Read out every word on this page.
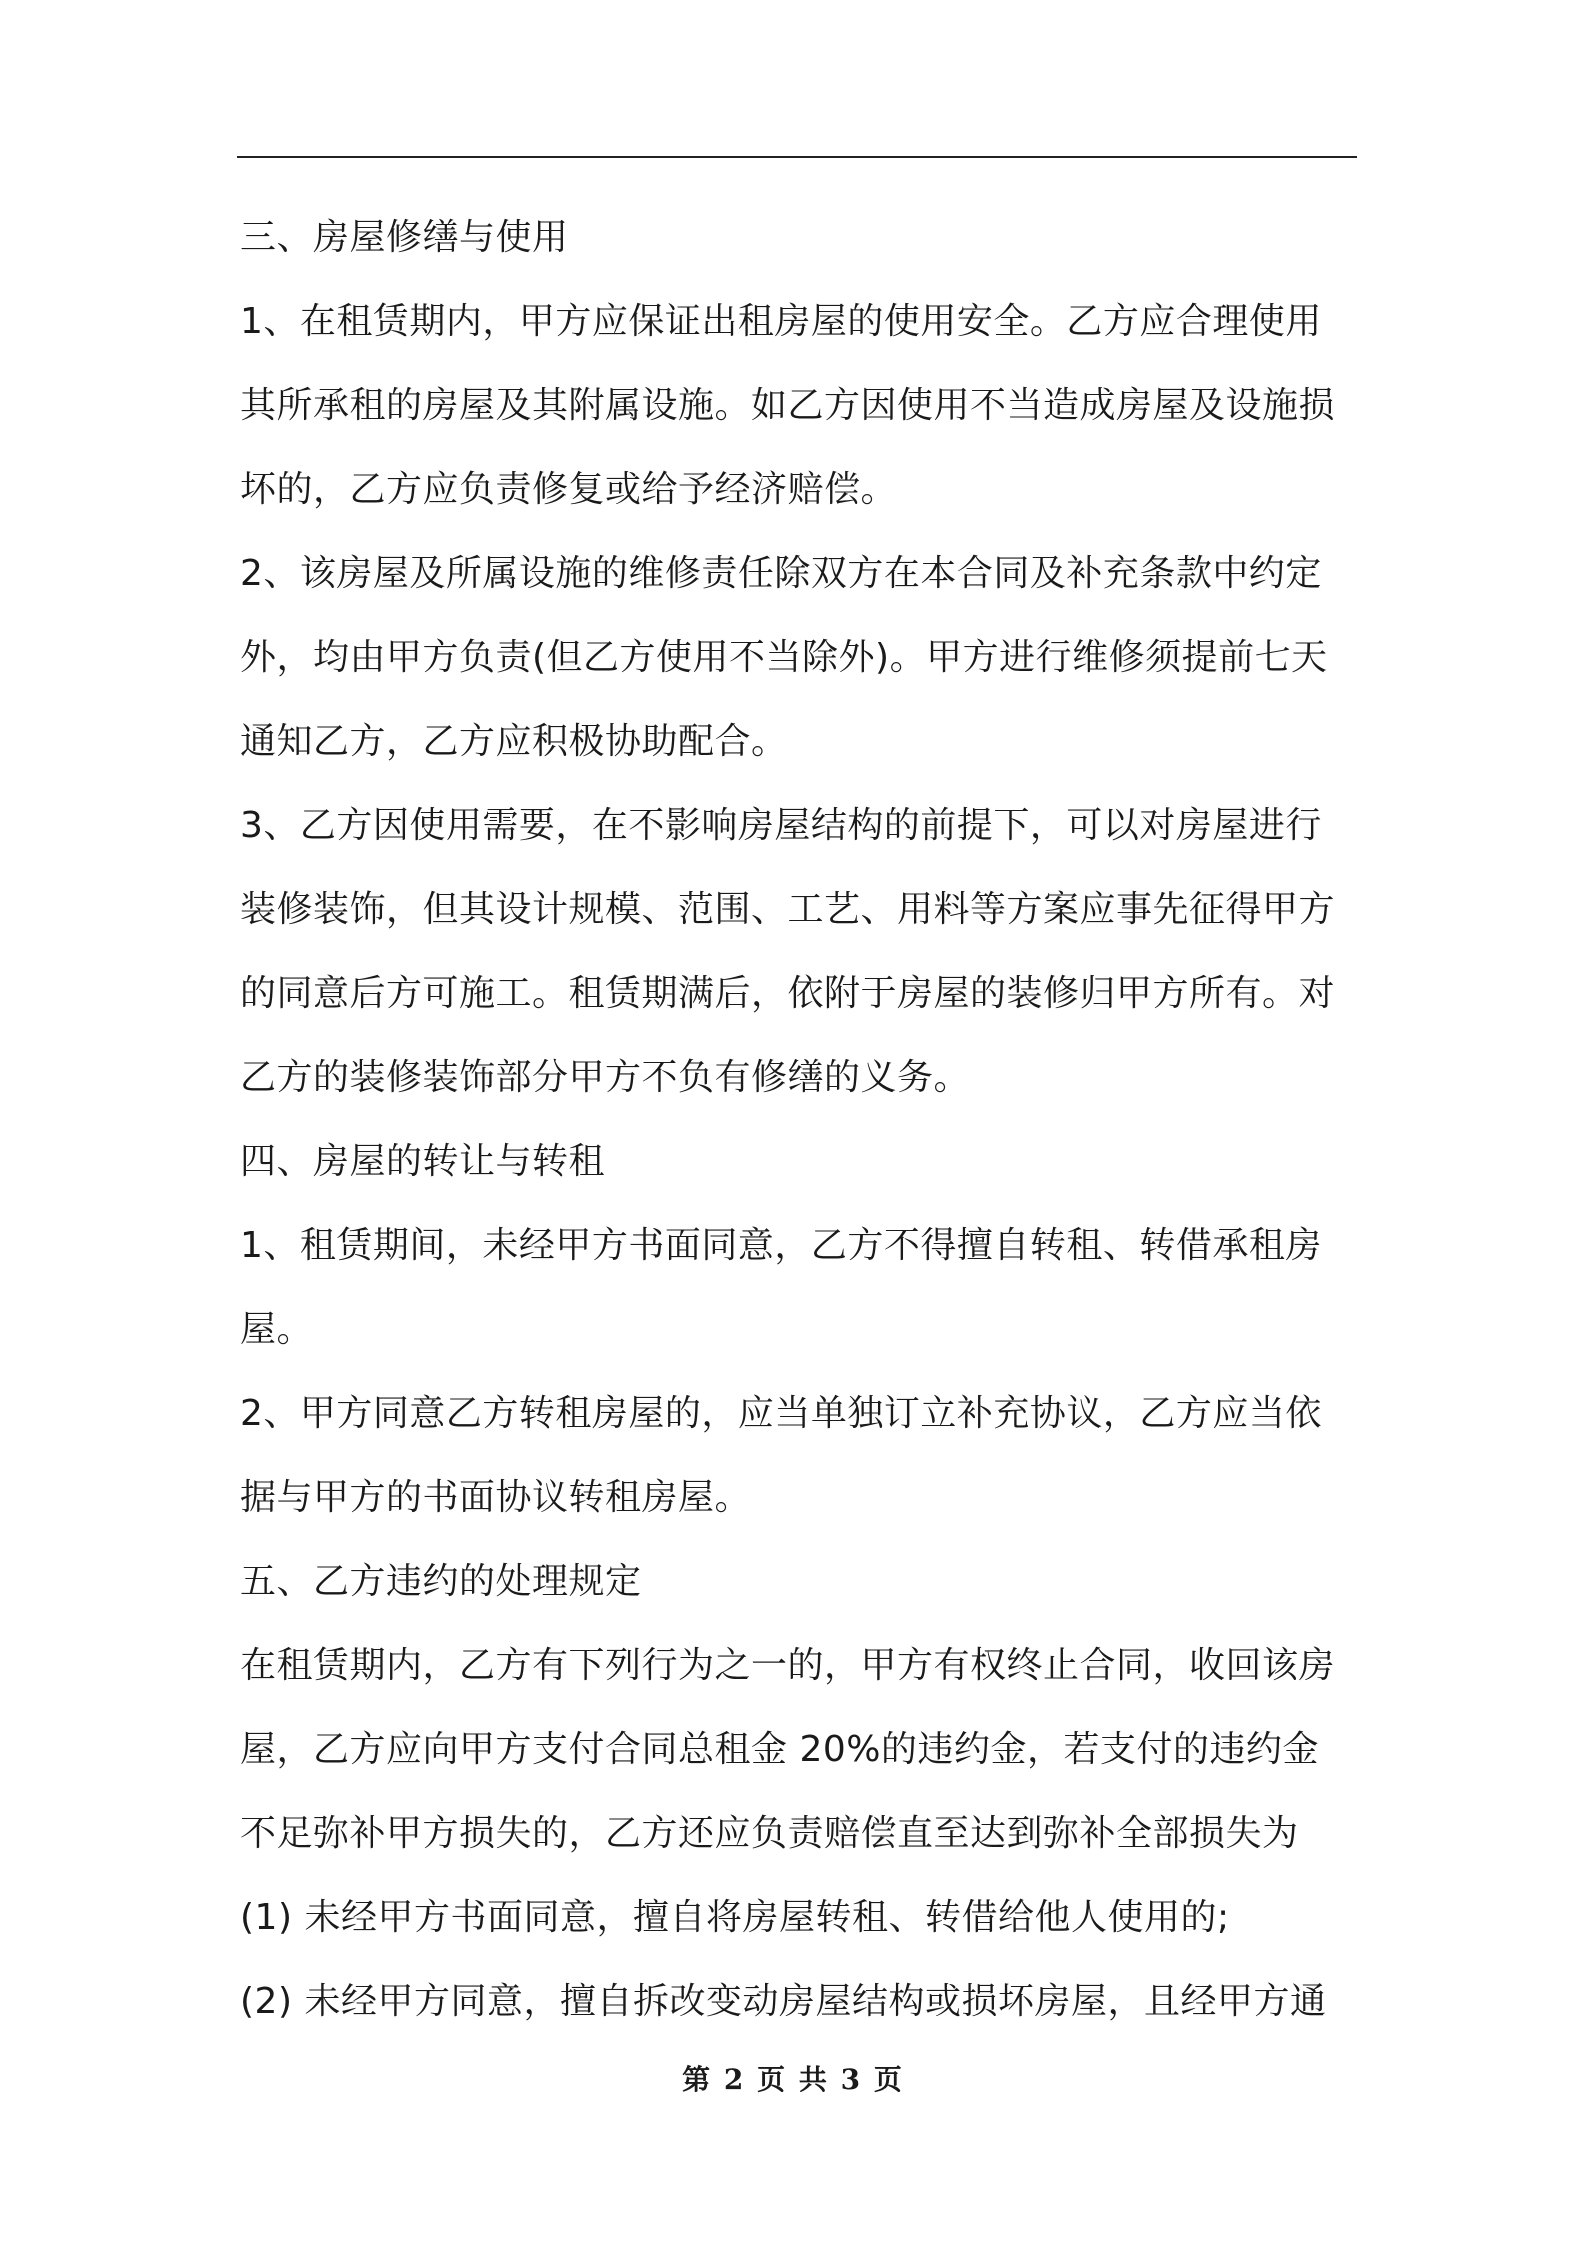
三、房屋修缮与使用
1、在租赁期内，甲方应保证出租房屋的使用安全。乙方应合理使用
其所承租的房屋及其附属设施。如乙方因使用不当造成房屋及设施损
坏的，乙方应负责修复或给予经济赔偿。
2、该房屋及所属设施的维修责任除双方在本合同及补充条款中约定
外，均由甲方负责(但乙方使用不当除外)。甲方进行维修须提前七天
通知乙方，乙方应积极协助配合。
3、乙方因使用需要，在不影响房屋结构的前提下，可以对房屋进行
装修装饰，但其设计规模、范围、工艺、用料等方案应事先征得甲方
的同意后方可施工。租赁期满后，依附于房屋的装修归甲方所有。对
乙方的装修装饰部分甲方不负有修缮的义务。
四、房屋的转让与转租
1、租赁期间，未经甲方书面同意，乙方不得擅自转租、转借承租房
屋。
2、甲方同意乙方转租房屋的，应当单独订立补充协议，乙方应当依
据与甲方的书面协议转租房屋。
五、乙方违约的处理规定
在租赁期内，乙方有下列行为之一的，甲方有权终止合同，收回该房
屋，乙方应向甲方支付合同总租金 20%的违约金，若支付的违约金
不足弥补甲方损失的，乙方还应负责赔偿直至达到弥补全部损失为
(1) 未经甲方书面同意，擅自将房屋转租、转借给他人使用的;
(2) 未经甲方同意，擅自拆改变动房屋结构或损坏房屋，且经甲方通
第 2 页 共 3 页
